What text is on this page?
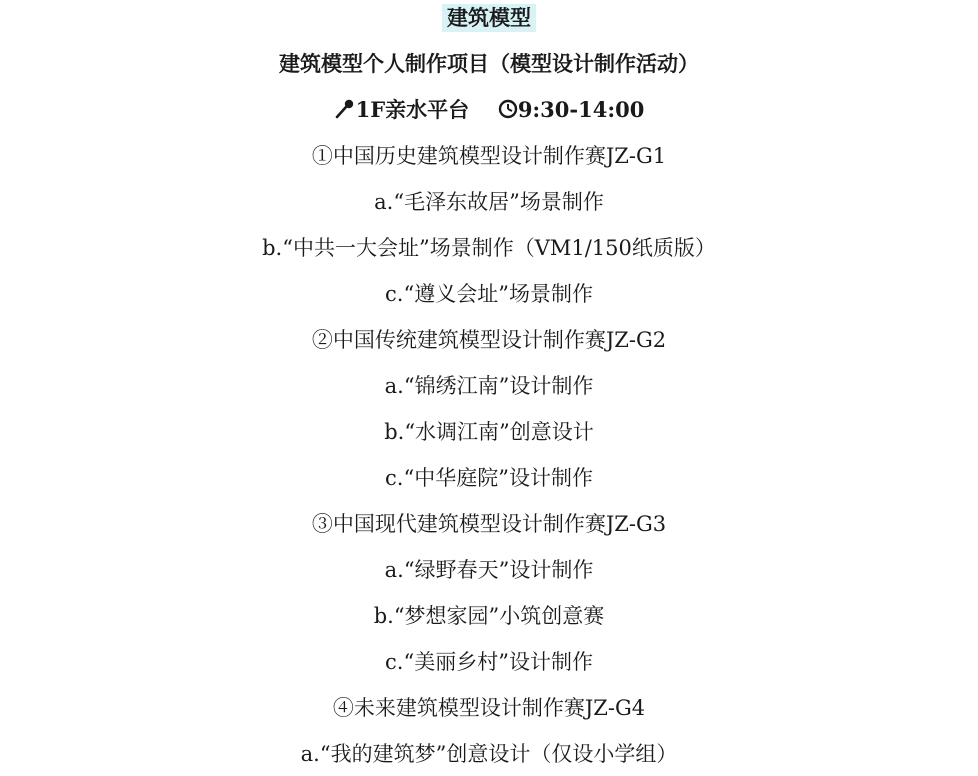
建筑模型
建筑模型个人制作项目（模型设计制作活动）
1F亲水平台 9:30-14:00
①中国历史建筑模型设计制作赛JZ-G1
a.“毛泽东故居”场景制作
b.“中共一大会址”场景制作（VM1/150纸质版）
c.“遵义会址”场景制作
②中国传统建筑模型设计制作赛JZ-G2
a.“锦绣江南”设计制作
b.“水调江南”创意设计
c.“中华庭院”设计制作
③中国现代建筑模型设计制作赛JZ-G3
a.“绿野春天”设计制作
b.“梦想家园”小筑创意赛
c.“美丽乡村”设计制作
④未来建筑模型设计制作赛JZ-G4
a.“我的建筑梦”创意设计（仅设小学组）
